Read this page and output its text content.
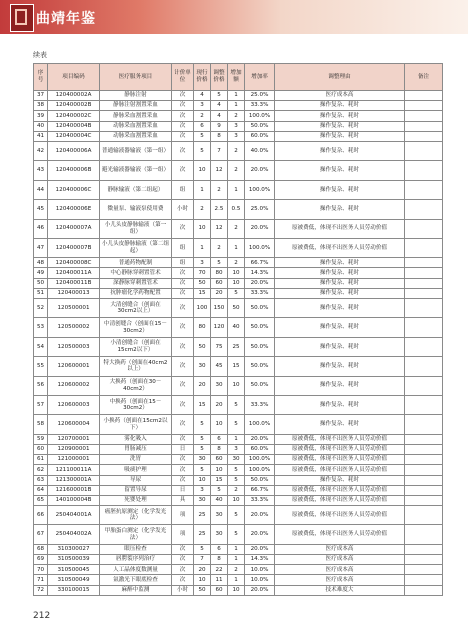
曲靖年鉴
续表
序号	项目编码	医疗服务项目	计价单位	现行价格	调整价格	增加额	增加率	调整理由	备注
37	120400002A	静脉注射	次	4	5	1	25.0%	医疗成本高	
38	120400002B	静脉注射割置采血	次	3	4	1	33.3%	操作复杂、耗时	
39	120400002C	静脉采血割置采血	次	2	4	2	100.0%	操作复杂、耗时	
40	120400004B	动脉采血割置采血	次	6	9	3	50.0%	操作复杂、耗时	
41	120400004C	动脉采血割置采血	次	5	8	3	60.0%	操作复杂、耗时	
42	120400006A	普通输液器输液（第一组）	次	5	7	2	40.0%	操作复杂、耗时	
43	120400006B	避光输液器输液（第一组）	次	10	12	2	20.0%	操作复杂、耗时	
44	120400006C	静脉输液（第二组起）	组	1	2	1	100.0%	操作复杂、耗时	
45	120400006E	微量泵、输液泵使用费	小时	2	2.5	0.5	25.0%	操作复杂、耗时	
46	120400007A	小儿头皮静脉输液（第一组）	次	10	12	2	20.0%	原被费低，体现不出医务人员劳动价值	
47	120400007B	小儿头皮静脉输液（第二组起）	组	1	2	1	100.0%	原被费低，体现不出医务人员劳动价值	
48	120400008C	普通药物配制	组	3	5	2	66.7%	操作复杂、耗时	
49	120400011A	中心静脉穿刺置管术	次	70	80	10	14.3%	操作复杂、耗时	
50	120400011B	深静脉穿刺置管术	次	50	60	10	20.0%	操作复杂、耗时	
51	120400013	抗肿瘤化学药物配置	次	15	20	5	33.3%	操作复杂、耗时	
52	120500001	大清创缝合（创面在30cm2以上）	次	100	150	50	50.0%	操作复杂、耗时	
53	120500002	中清创缝合（创面在15－30cm2）	次	80	120	40	50.0%	操作复杂、耗时	
54	120500003	小清创缝合（创面在15cm2以下）	次	50	75	25	50.0%	操作复杂、耗时	
55	120600001	特大换药（创面在40cm2以上）	次	30	45	15	50.0%	操作复杂、耗时	
56	120600002	大换药（创面在30－40cm2）	次	20	30	10	50.0%	操作复杂、耗时	
57	120600003	中换药（创面在15－30cm2）	次	15	20	5	33.3%	操作复杂、耗时	
58	120600004	小换药（创面在15cm2以下）	次	5	10	5	100.0%	操作复杂、耗时	
59	120700001	雾化吸入	次	5	6	1	20.0%	原被费低，体现不出医务人员劳动价值	
60	120900001	胃肠减压	日	5	8	3	60.0%	原被费低，体现不出医务人员劳动价值	
61	121000001	洗胃	次	30	60	30	100.0%	原被费低，体现不出医务人员劳动价值	
62	121100011A	吸痰护理	次	5	10	5	100.0%	原被费低，体现不出医务人员劳动价值	
63	121300001A	导尿	次	10	15	5	50.0%	操作复杂、耗时	
64	121600001B	留置导尿	日	3	5	2	66.7%	原被费低，体现不出医务人员劳动价值	
65	140100004B	死婴处理	具	30	40	10	33.3%	原被费低，体现不出医务人员劳动价值	
66	250404001A	癌胚抗原测定（化学发光法）	项	25	30	5	20.0%	原被费低，体现不出医务人员劳动价值	
67	250404002A	甲胎蛋白测定（化学发光法）	项	25	30	5	20.0%	原被费低，体现不出医务人员劳动价值	
68	310300027	眼压检查	次	5	6	1	20.0%	医疗成本高	
69	310500039	唇腭裂序列治疗	次	7	8	1	14.3%	医疗成本高	
70	310500045	人工晶体度数测量	次	20	22	2	10.0%	医疗成本高	
71	310500049	氩激光下眼底检查	次	10	11	1	10.0%	医疗成本高	
72	330100015	麻醉中监测	小时	50	60	10	20.0%	技术难度大	
212
